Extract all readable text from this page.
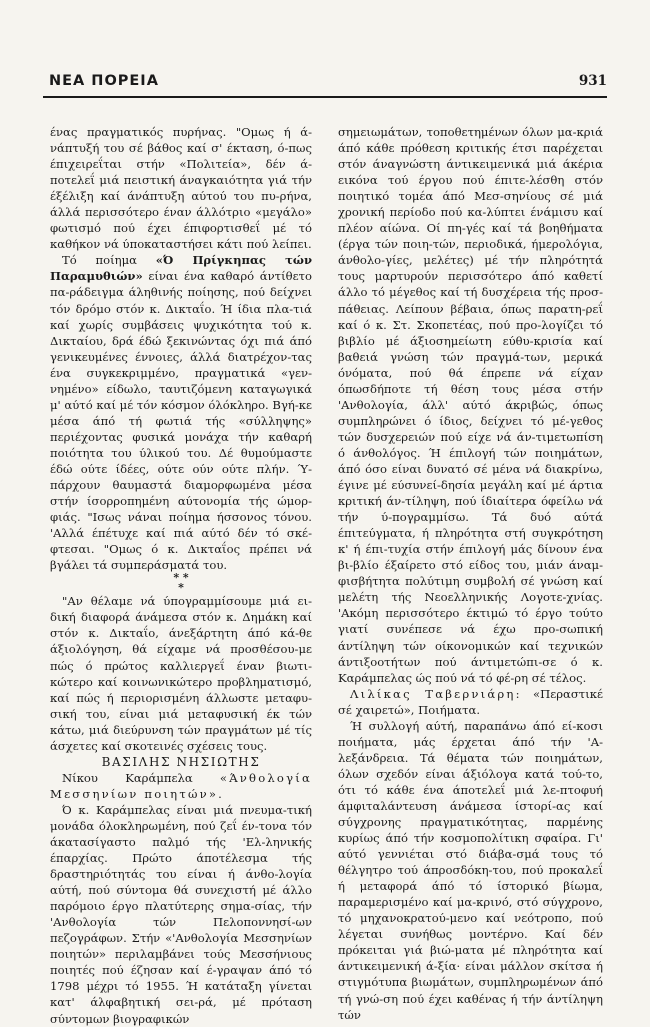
ΝΕΑ ΠΟΡΕΙΑ	931

ένας πραγματικός πυρήνας. "Ομως ή ά-νάπτυξή του σέ βάθος καί σ' έκταση, ό-πως έπιχειρεΐται στήν «Πολιτεία», δέν ά-ποτελεΐ μιά πειστική άναγκαιότητα γιά τήν έξέλιξη καί άνάπτυξη αύτού του πυ-ρήνα, άλλά περισσότερο έναν άλλότριο «μεγάλο» φωτισμό πού έχει έπιφορτισθεΐ μέ τό καθήκον νά ύποκαταστήσει κάτι πού λείπει.

Τό ποίημα «Ό Πρίγκηπας τών Παραμυθιών» είναι ένα καθαρό άντίθετο πα-ράδειγμα άληθινής ποίησης, πού δείχνει τόν δρόμο στόν κ. Δικταΐο. Ή ίδια πλα-τιά καί χωρίς συμβάσεις ψυχικότητα τού κ. Δικταίου, δρά έδώ ξεκινώντας όχι πιά άπό γενικευμένες έννοιες, άλλά διατρέχον-τας ένα συγκεκριμμένο, πραγματικά «γεν-νημένο» είδωλο, ταυτιζόμενη καταγωγικά μ' αύτό καί μέ τόν κόσμον όλόκληρο. Βγή-κε μέσα άπό τή φωτιά τής «σύλληψης» περιέχοντας φυσικά μονάχα τήν καθαρή ποιότητα του ύλικού του. Δέ θυμούμαστε έδώ ούτε ίδέες, ούτε ούν ούτε πλήν. Ύ-πάρχουν θαυμαστά διαμορφωμένα μέσα στήν ίσορροπημένη αύτονομία τής ώμορ-φιάς. "Ισως νάναι ποίημα ήσσονος τόνου. 'Αλλά έπέτυχε καί πιά αύτό δέν τό σκέ-φτεσαι. "Ομως ό κ. Δικταΐος πρέπει νά βγάλει τά συμπεράσματά του.

* *
*

"Αν θέλαμε νά ύπογραμμίσουμε μιά ει-δική διαφορά άνάμεσα στόν κ. Δημάκη καί στόν κ. Δικταΐο, άνεξάρτητη άπό κά-θε άξιολόγηση, θά είχαμε νά προσθέσου-με πώς ό πρώτος καλλιεργεΐ έναν βιωτι-κώτερο καί κοινωνικώτερο προβληματισμό, καί πώς ή περιορισμένη άλλωστε μεταφυ-σική του, είναι μιά μεταφυσική έκ τών κάτω, μιά διεύρυνση τών πραγμάτων μέ τίς άσχετες καί σκοτεινές σχέσεις τους.

ΒΑΣΙΛΗΣ ΝΗΣΙΩΤΗΣ

Νίκου Καράμπελα «Άνθολογία Μεσσηνίων ποιητών».

Ό κ. Καράμπελας είναι μιά πνευμα-τική μονάδα όλοκληρωμένη, πού ζεΐ έν-τονα τόν άκατασίγαστο παλμό τής 'Ελ-ληνικής έπαρχίας. Πρώτο άποτέλεσμα τής δραστηριότητάς του είναι ή άνθο-λογία αύτή, πού σύντομα θά συνεχιστή μέ άλλο παρόμοιο έργο πλατύτερης σημα-σίας, τήν 'Ανθολογία τών Πελοποννησί-ων πεζογράφων. Στήν «'Ανθολογία Μεσσηνίων ποιητών» περιλαμβάνει τούς Μεσσήνιους ποιητές πού έζησαν καί έ-γραψαν άπό τό 1798 μέχρι τό 1955. Ή κατάταξη γίνεται κατ' άλφαβητική σει-ρά, μέ πρόταση σύντομων βιογραφικών

σημειωμάτων, τοποθετημένων όλων μα-κριά άπό κάθε πρόθεση κριτικής έτσι παρέχεται στόν άναγνώστη άντικειμενικά μιά άκέρια εικόνα τού έργου πού έπιτε-λέσθη στόν ποιητικό τομέα άπό Μεσ-σηνίους σέ μιά χρονική περίοδο πού κα-λύπτει ένάμισυ καί πλέον αίώνα. Οί πη-γές καί τά βοηθήματα (έργα τών ποιη-τών, περιοδικά, ήμερολόγια, άνθολο-γίες, μελέτες) μέ τήν πληρότητά τους μαρτυρούν περισσότερο άπό καθετί άλλο τό μέγεθος καί τή δυσχέρεια τής προσ-πάθειας. Λείπουν βέβαια, όπως παρατη-ρεΐ καί ό κ. Στ. Σκοπετέας, πού προ-λογίζει τό βιβλίο μέ άξιοσημείωτη εύθυ-κρισία καί βαθειά γνώση τών πραγμά-των, μερικά όνόματα, πού θά έπρεπε νά είχαν όπωσδήποτε τή θέση τους μέσα στήν 'Ανθολογία, άλλ' αύτό άκριβώς, όπως συμπληρώνει ό ίδιος, δείχνει τό μέ-γεθος τών δυσχερειών πού είχε νά άν-τιμετωπίση ό άνθολόγος. Ή έπιλογή τών ποιημάτων, άπό όσο είναι δυνατό σέ μένα νά διακρίνω, έγινε μέ εύσυνεί-δησία μεγάλη καί μέ άρτια κριτική άν-τίληψη, πού ίδιαίτερα όφείλω νά τήν ύ-πογραμμίσω. Τά δυό αύτά έπιτεύγματα, ή πληρότητα στή συγκρότηση κ' ή έπι-τυχία στήν έπιλογή μάς δίνουν ένα βι-βλίο έξαίρετο στό είδος του, μιάν άναμ-φισβήτητα πολύτιμη συμβολή σέ γνώση καί μελέτη τής Νεοελληνικής Λογοτε-χνίας. 'Ακόμη περισσότερο έκτιμώ τό έργο τούτο γιατί συνέπεσε νά έχω προ-σωπική άντίληψη τών οίκονομικών καί τεχνικών άντιξοοτήτων πού άντιμετώπι-σε ό κ. Καράμπελας ώς πού νά τό φέ-ρη σέ τέλος.

Λιλίκας Ταβερνιάρη: «Περαστικέ σέ χαιρετώ», Ποιήματα.

Ή συλλογή αύτή, παραπάνω άπό εί-κοσι ποιήματα, μάς έρχεται άπό τήν 'Α-λεξάνδρεια. Τά θέματα τών ποιημάτων, όλων σχεδόν είναι άξιόλογα κατά τού-το, ότι τό κάθε ένα άποτελεΐ μιά λε-πτοφυή άμφιταλάντευση άνάμεσα ίστορί-ας καί σύγχρονης πραγματικότητας, παρμένης κυρίως άπό τήν κοσμοπολίτικη σφαίρα. Γι' αύτό γεννιέται στό διάβα-σμά τους τό θέλγητρο τού άπροσδόκη-του, πού προκαλεΐ ή μεταφορά άπό τό ίστορικό βίωμα, παραμερισμένο καί μα-κρινό, στό σύγχρονο, τό μηχανοκρατού-μενο καί νεότροπο, πού λέγεται συνήθως μοντέρνο. Καί δέν πρόκειται γιά βιώ-ματα μέ πληρότητα καί άντικειμενική ά-ξία· είναι μάλλον σκίτσα ή στιγμότυπα βιωμάτων, συμπληρωμένων άπό τή γνώ-ση πού έχει καθένας ή τήν άντίληψη τών
